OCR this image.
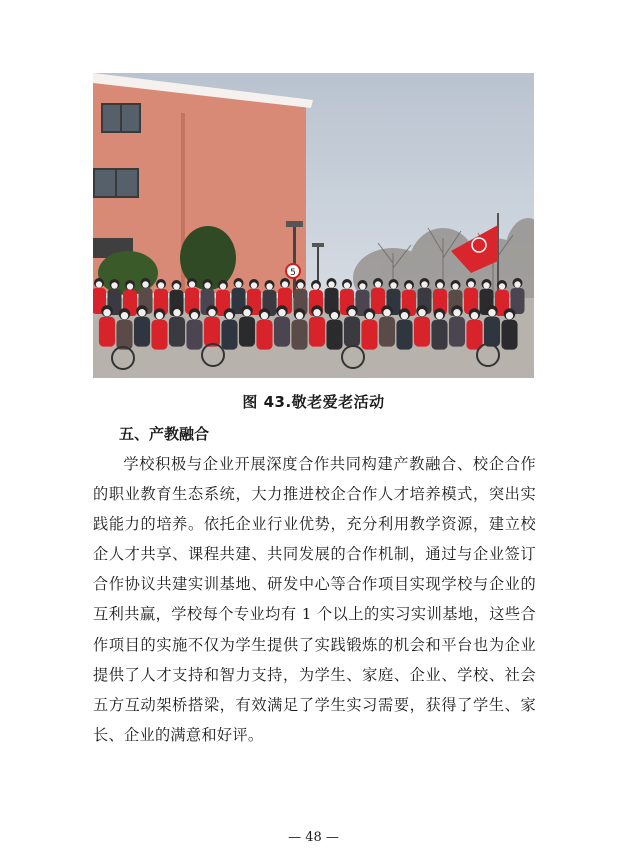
5
图 43.敬老爱老活动
五、产教融合

学校积极与企业开展深度合作共同构建产教融合、校企合作的职业教育生态系统，大力推进校企合作人才培养模式，突出实践能力的培养。依托企业行业优势，充分利用教学资源，建立校企人才共享、课程共建、共同发展的合作机制，通过与企业签订合作协议共建实训基地、研发中心等合作项目实现学校与企业的互利共赢，学校每个专业均有 1 个以上的实习实训基地，这些合作项目的实施不仅为学生提供了实践锻炼的机会和平台也为企业提供了人才支持和智力支持，为学生、家庭、企业、学校、社会五方互动架桥搭梁，有效满足了学生实习需要，获得了学生、家长、企业的满意和好评。

— 48 —
